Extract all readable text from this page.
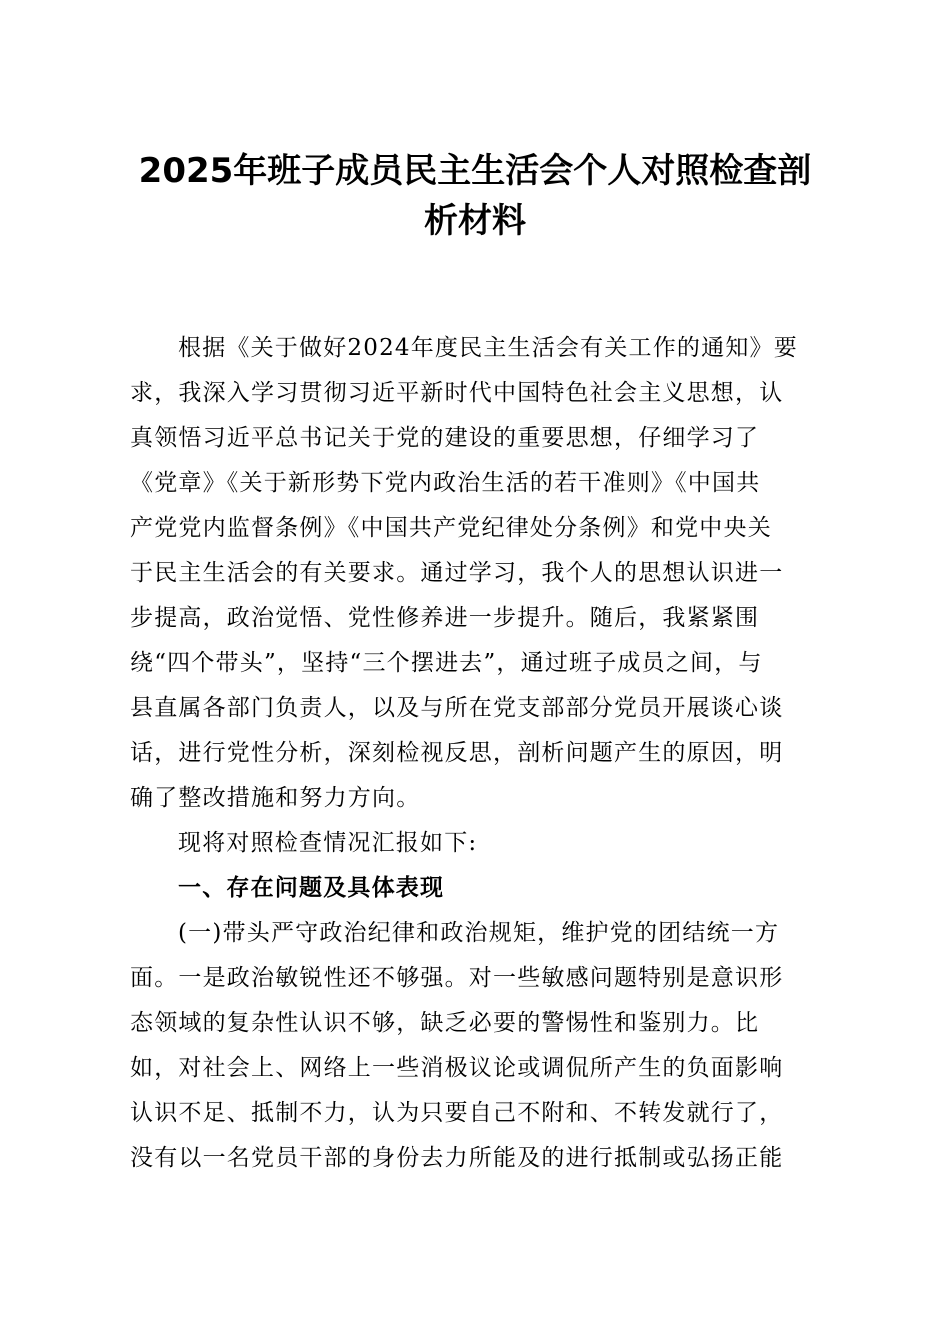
2025年班子成员民主生活会个人对照检查剖
析材料

根据《关于做好2024年度民主生活会有关工作的通知》要
求，我深入学习贯彻习近平新时代中国特色社会主义思想，认
真领悟习近平总书记关于党的建设的重要思想，仔细学习了
《党章》《关于新形势下党内政治生活的若干准则》《中国共
产党党内监督条例》《中国共产党纪律处分条例》和党中央关
于民主生活会的有关要求。通过学习，我个人的思想认识进一
步提高，政治觉悟、党性修养进一步提升。随后，我紧紧围
绕“四个带头”，坚持“三个摆进去”，通过班子成员之间，与
县直属各部门负责人，以及与所在党支部部分党员开展谈心谈
话，进行党性分析，深刻检视反思，剖析问题产生的原因，明
确了整改措施和努力方向。

现将对照检查情况汇报如下:

一、存在问题及具体表现

(一)带头严守政治纪律和政治规矩，维护党的团结统一方
面。一是政治敏锐性还不够强。对一些敏感问题特别是意识形
态领域的复杂性认识不够，缺乏必要的警惕性和鉴别力。比
如，对社会上、网络上一些消极议论或调侃所产生的负面影响
认识不足、抵制不力，认为只要自己不附和、不转发就行了，
没有以一名党员干部的身份去力所能及的进行抵制或弘扬正能
